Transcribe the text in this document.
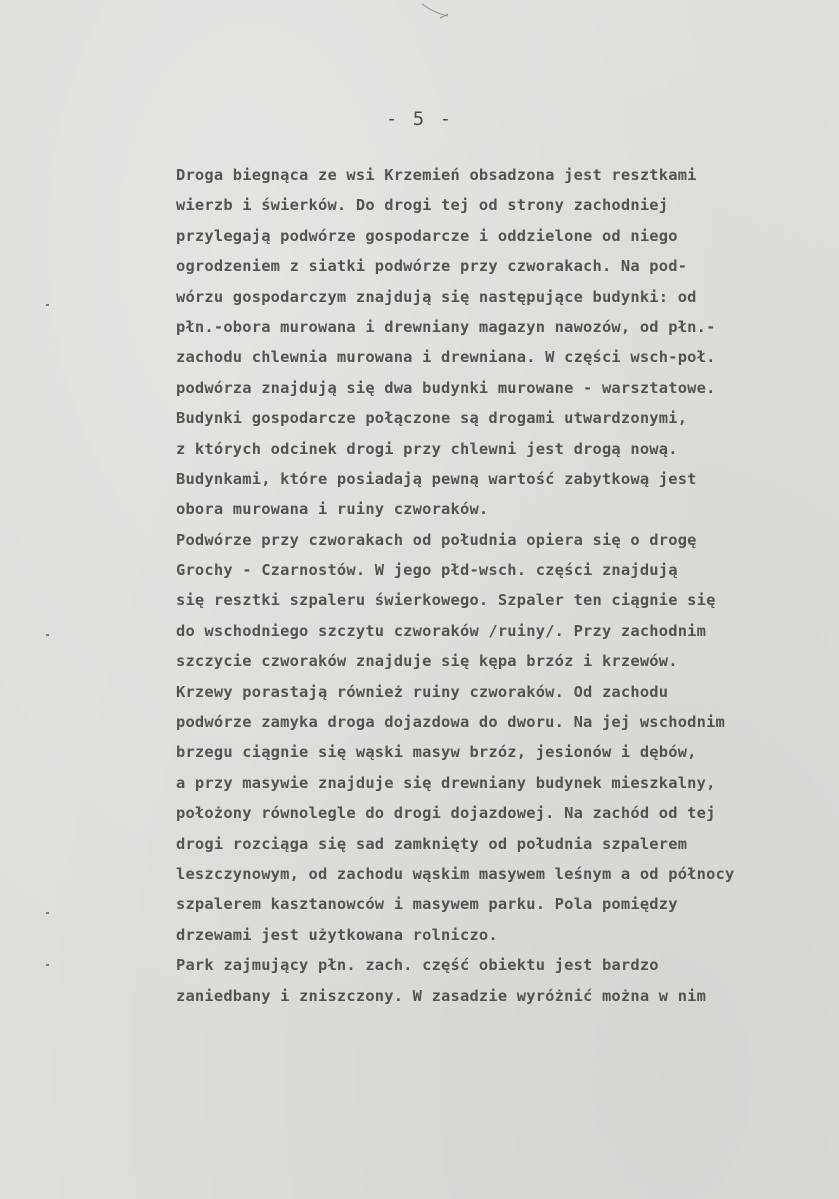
- 5 -
Droga biegnąca ze wsi Krzemień obsadzona jest resztkami
wierzb i świerków. Do drogi tej od strony zachodniej
przylegają podwórze gospodarcze i oddzielone od niego
ogrodzeniem z siatki podwórze przy czworakach. Na pod-
wórzu gospodarczym znajdują się następujące budynki: od
płn.-obora murowana i drewniany magazyn nawozów, od płn.-
zachodu chlewnia murowana i drewniana. W części wsch-poł.
podwórza znajdują się dwa budynki murowane - warsztatowe.
Budynki gospodarcze połączone są drogami utwardzonymi,
z których odcinek drogi przy chlewni jest drogą nową.
Budynkami, które posiadają pewną wartość zabytkową jest
obora murowana i ruiny czworaków.
Podwórze przy czworakach od południa opiera się o drogę
Grochy - Czarnostów. W jego płd-wsch. części znajdują
się resztki szpaleru świerkowego. Szpaler ten ciągnie się
do wschodniego szczytu czworaków /ruiny/. Przy zachodnim
szczycie czworaków znajduje się kępa brzóz i krzewów.
Krzewy porastają również ruiny czworaków. Od zachodu
podwórze zamyka droga dojazdowa do dworu. Na jej wschodnim
brzegu ciągnie się wąski masyw brzóz, jesionów i dębów,
a przy masywie znajduje się drewniany budynek mieszkalny,
położony równolegle do drogi dojazdowej. Na zachód od tej
drogi rozciąga się sad zamknięty od południa szpalerem
leszczynowym, od zachodu wąskim masywem leśnym a od północy
szpalerem kasztanowców i masywem parku. Pola pomiędzy
drzewami jest użytkowana rolniczo.
Park zajmujący płn. zach. część obiektu jest bardzo
zaniedbany i zniszczony. W zasadzie wyróżnić można w nim
